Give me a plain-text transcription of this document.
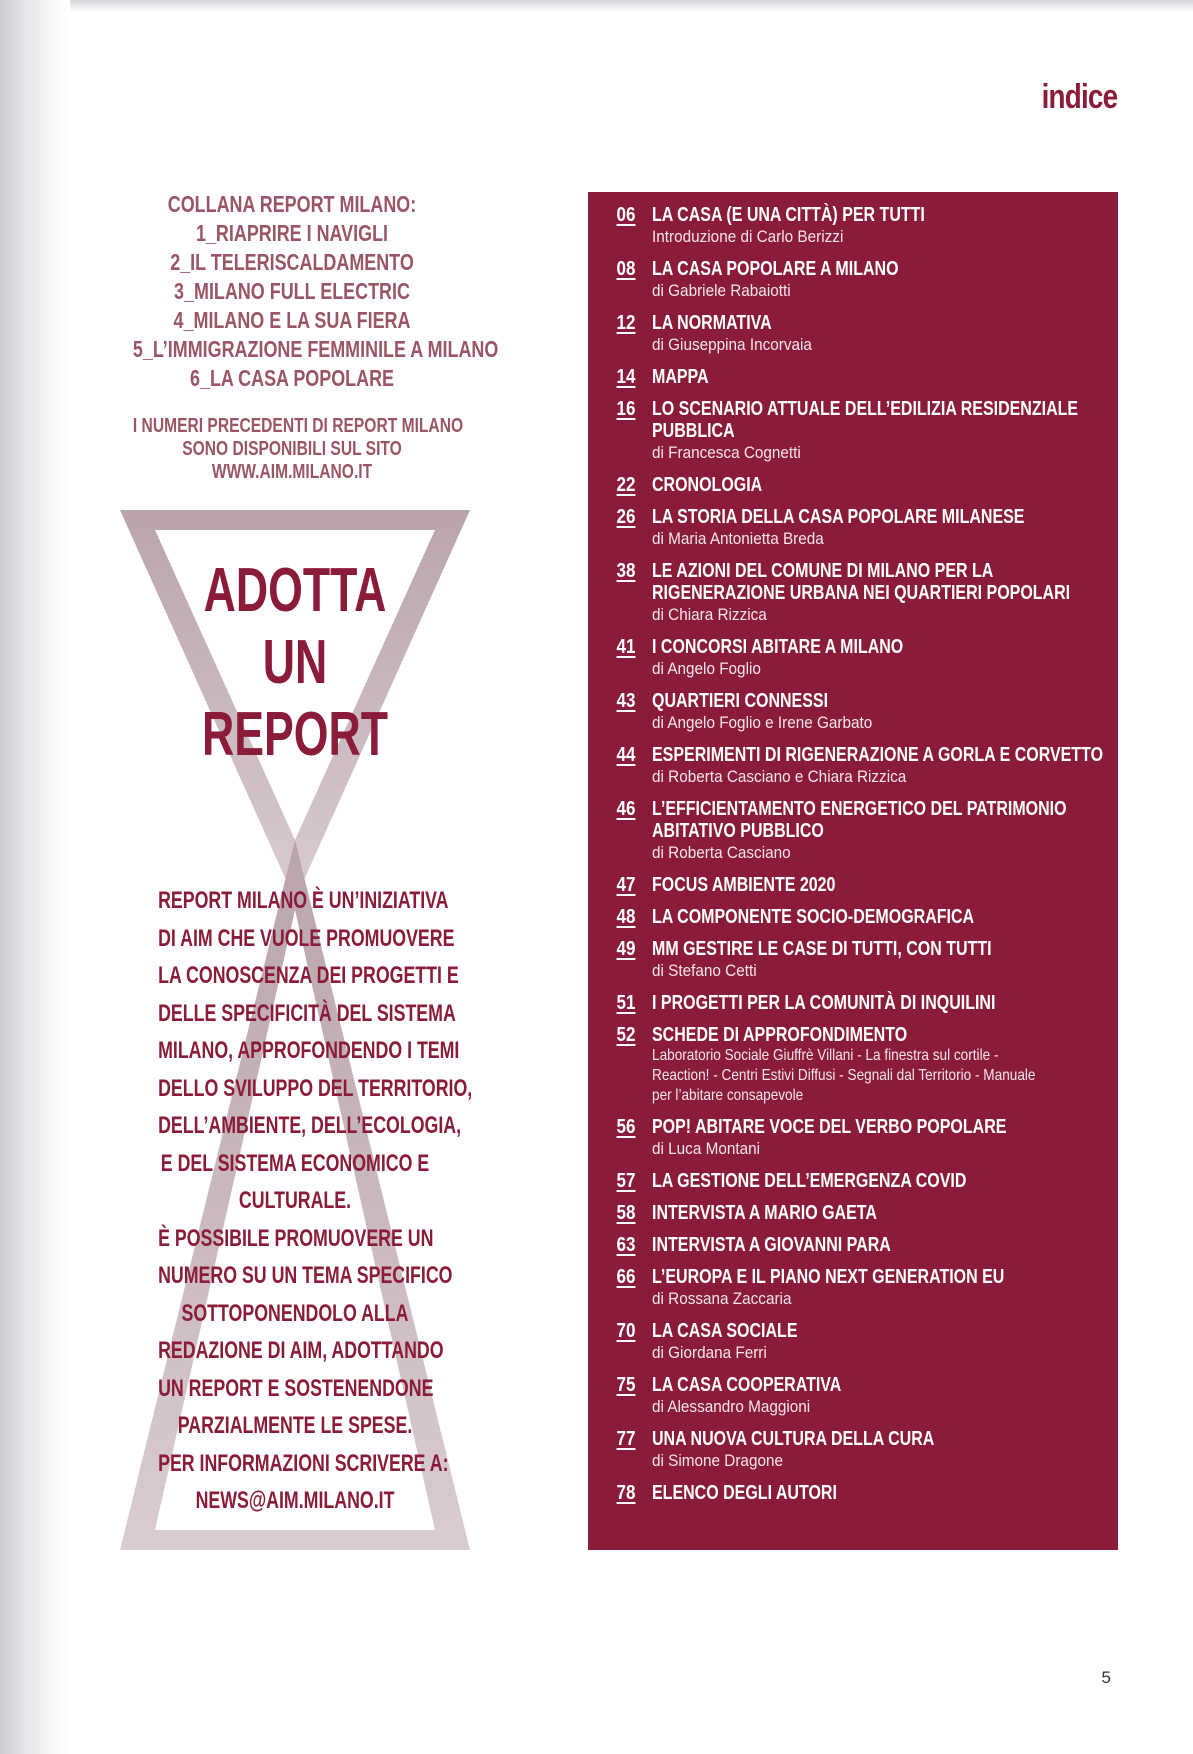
indice
COLLANA REPORT MILANO:
1_RIAPRIRE I NAVIGLI
2_IL TELERISCALDAMENTO
3_MILANO FULL ELECTRIC
4_MILANO E LA SUA FIERA
5_L’IMMIGRAZIONE FEMMINILE A MILANO
6_LA CASA POPOLARE
I NUMERI PRECEDENTI DI REPORT MILANO
SONO DISPONIBILI SUL SITO
WWW.AIM.MILANO.IT
ADOTTA
UN
REPORT
REPORT MILANO È UN’INIZIATIVA
DI AIM CHE VUOLE PROMUOVERE
LA CONOSCENZA DEI PROGETTI E
DELLE SPECIFICITÀ DEL SISTEMA
MILANO, APPROFONDENDO I TEMI
DELLO SVILUPPO DEL TERRITORIO,
DELL’AMBIENTE, DELL’ECOLOGIA,
E DEL SISTEMA ECONOMICO E
CULTURALE.
È POSSIBILE PROMUOVERE UN
NUMERO SU UN TEMA SPECIFICO
SOTTOPONENDOLO ALLA
REDAZIONE DI AIM, ADOTTANDO
UN REPORT E SOSTENENDONE
PARZIALMENTE LE SPESE.
PER INFORMAZIONI SCRIVERE A:
NEWS@AIM.MILANO.IT
06 LA CASA (E UNA CITTÀ) PER TUTTI
Introduzione di Carlo Berizzi
08 LA CASA POPOLARE A MILANO
di Gabriele Rabaiotti
12 LA NORMATIVA
di Giuseppina Incorvaia
14 MAPPA
16 LO SCENARIO ATTUALE DELL’EDILIZIA RESIDENZIALE
PUBBLICA
di Francesca Cognetti
22 CRONOLOGIA
26 LA STORIA DELLA CASA POPOLARE MILANESE
di Maria Antonietta Breda
38 LE AZIONI DEL COMUNE DI MILANO PER LA
RIGENERAZIONE URBANA NEI QUARTIERI POPOLARI
di Chiara Rizzica
41 I CONCORSI ABITARE A MILANO
di Angelo Foglio
43 QUARTIERI CONNESSI
di Angelo Foglio e Irene Garbato
44 ESPERIMENTI DI RIGENERAZIONE A GORLA E CORVETTO
di Roberta Casciano e Chiara Rizzica
46 L’EFFICIENTAMENTO ENERGETICO DEL PATRIMONIO
ABITATIVO PUBBLICO
di Roberta Casciano
47 FOCUS AMBIENTE 2020
48 LA COMPONENTE SOCIO-DEMOGRAFICA
49 MM GESTIRE LE CASE DI TUTTI, CON TUTTI
di Stefano Cetti
51 I PROGETTI PER LA COMUNITÀ DI INQUILINI
52 SCHEDE DI APPROFONDIMENTO
Laboratorio Sociale Giuffrè Villani - La finestra sul cortile -
Reaction! - Centri Estivi Diffusi - Segnali dal Territorio - Manuale
per l’abitare consapevole
56 POP! ABITARE VOCE DEL VERBO POPOLARE
di Luca Montani
57 LA GESTIONE DELL’EMERGENZA COVID
58 INTERVISTA A MARIO GAETA
63 INTERVISTA A GIOVANNI PARA
66 L’EUROPA E IL PIANO NEXT GENERATION EU
di Rossana Zaccaria
70 LA CASA SOCIALE
di Giordana Ferri
75 LA CASA COOPERATIVA
di Alessandro Maggioni
77 UNA NUOVA CULTURA DELLA CURA
di Simone Dragone
78 ELENCO DEGLI AUTORI
5
